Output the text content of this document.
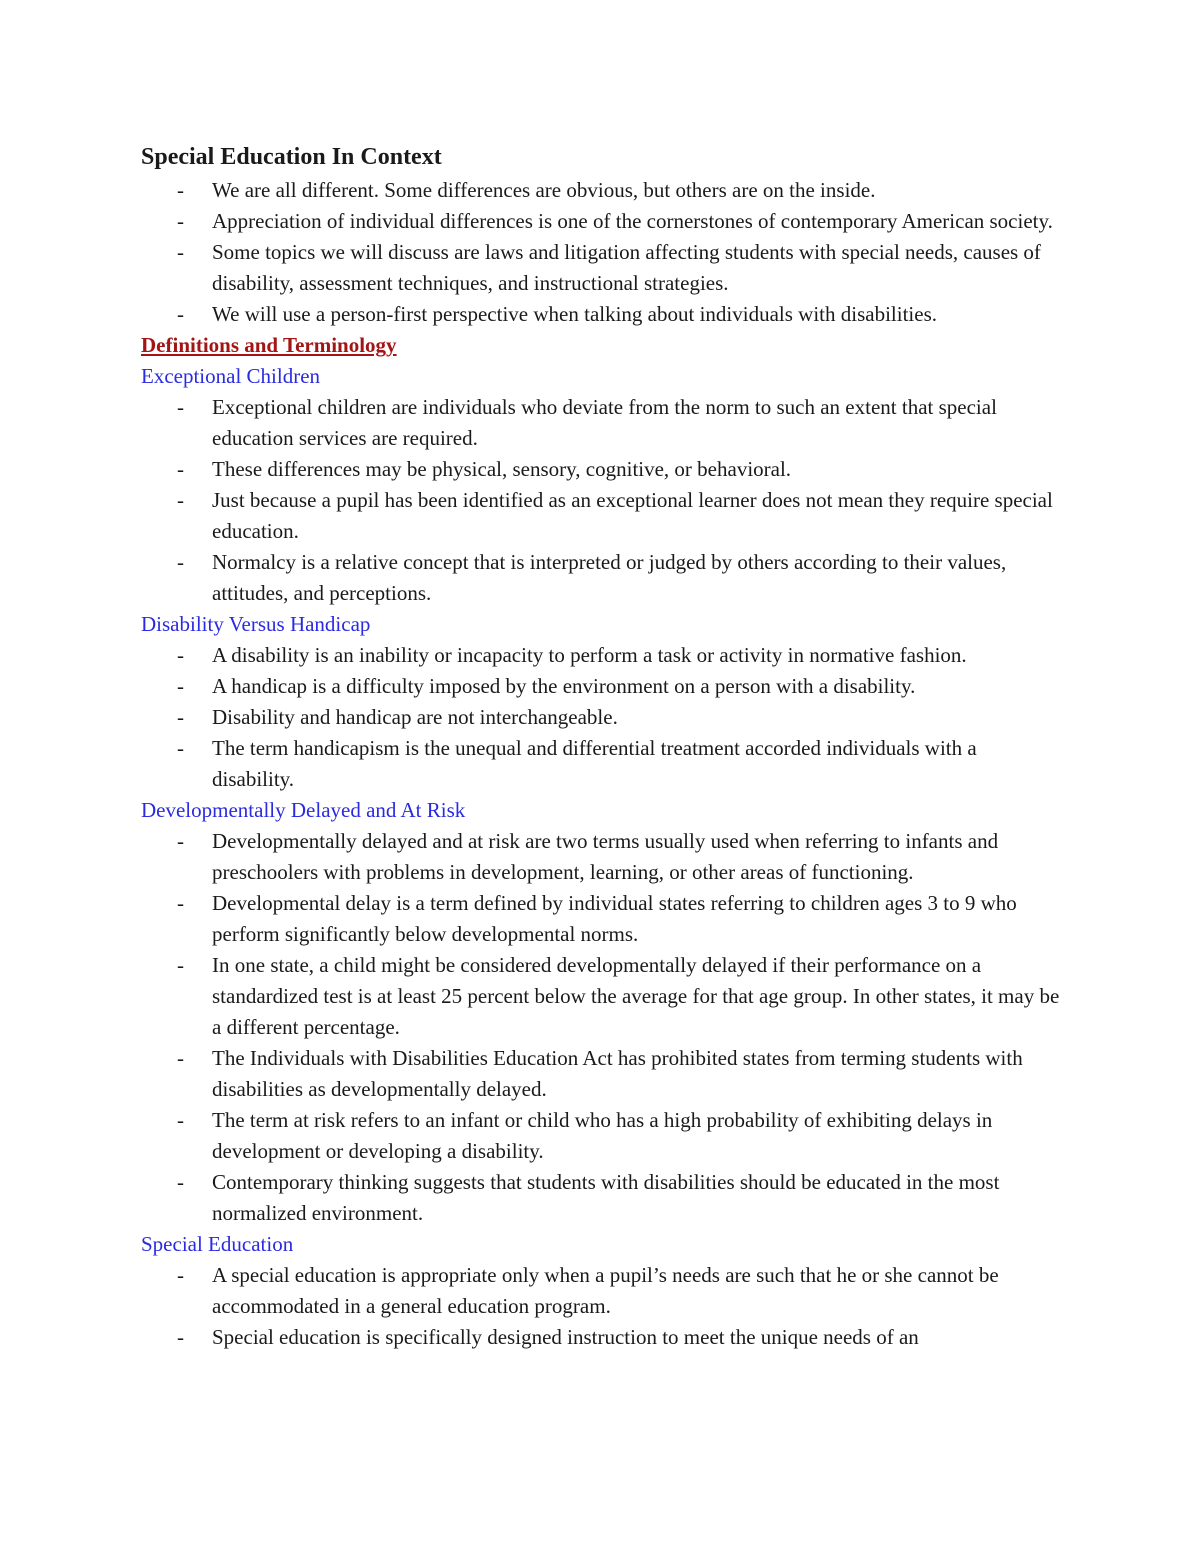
Special Education In Context
- We are all different. Some differences are obvious, but others are on the inside.
- Appreciation of individual differences is one of the cornerstones of contemporary American society.
- Some topics we will discuss are laws and litigation affecting students with special needs, causes of disability, assessment techniques, and instructional strategies.
- We will use a person-first perspective when talking about individuals with disabilities.
Definitions and Terminology
Exceptional Children
- Exceptional children are individuals who deviate from the norm to such an extent that special education services are required.
- These differences may be physical, sensory, cognitive, or behavioral.
- Just because a pupil has been identified as an exceptional learner does not mean they require special education.
- Normalcy is a relative concept that is interpreted or judged by others according to their values, attitudes, and perceptions.
Disability Versus Handicap
- A disability is an inability or incapacity to perform a task or activity in normative fashion.
- A handicap is a difficulty imposed by the environment on a person with a disability.
- Disability and handicap are not interchangeable.
- The term handicapism is the unequal and differential treatment accorded individuals with a disability.
Developmentally Delayed and At Risk
- Developmentally delayed and at risk are two terms usually used when referring to infants and preschoolers with problems in development, learning, or other areas of functioning.
- Developmental delay is a term defined by individual states referring to children ages 3 to 9 who perform significantly below developmental norms.
- In one state, a child might be considered developmentally delayed if their performance on a standardized test is at least 25 percent below the average for that age group. In other states, it may be a different percentage.
- The Individuals with Disabilities Education Act has prohibited states from terming students with disabilities as developmentally delayed.
- The term at risk refers to an infant or child who has a high probability of exhibiting delays in development or developing a disability.
- Contemporary thinking suggests that students with disabilities should be educated in the most normalized environment.
Special Education
- A special education is appropriate only when a pupil’s needs are such that he or she cannot be accommodated in a general education program.
- Special education is specifically designed instruction to meet the unique needs of an
